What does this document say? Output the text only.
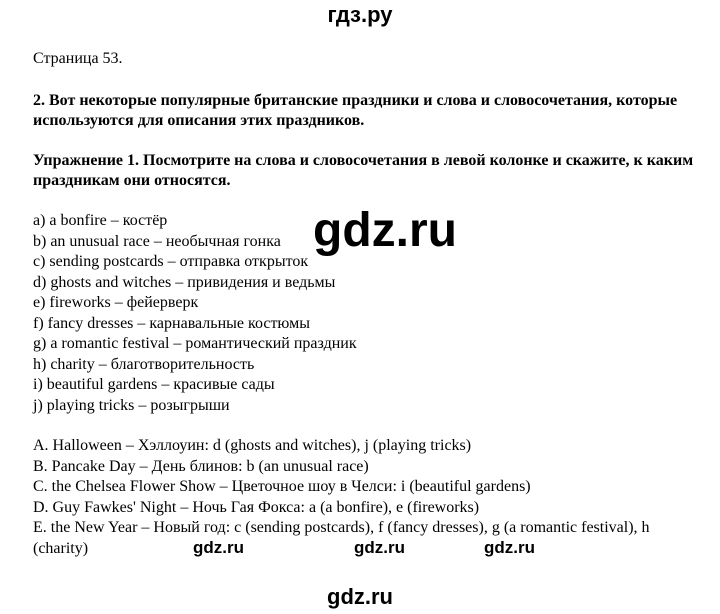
гдз.ру

Страница 53.

2. Вот некоторые популярные британские праздники и слова и словосочетания, которые используются для описания этих праздников.

Упражнение 1. Посмотрите на слова и словосочетания в левой колонке и скажите, к каким праздникам они относятся.

a) a bonfire – костёр
b) an unusual race – необычная гонка
c) sending postcards – отправка открыток
d) ghosts and witches – привидения и ведьмы
e) fireworks – фейерверк
f) fancy dresses – карнавальные костюмы
g) a romantic festival – романтический праздник
h) charity – благотворительность
i) beautiful gardens – красивые сады
j) playing tricks – розыгрыши
A. Halloween – Хэллоуин: d (ghosts and witches), j (playing tricks)
B. Pancake Day – День блинов: b (an unusual race)
C. the Chelsea Flower Show – Цветочное шоу в Челси: i (beautiful gardens)
D. Guy Fawkes' Night – Ночь Гая Фокса: a (a bonfire), e (fireworks)
E. the New Year – Новый год: c (sending postcards), f (fancy dresses), g (a romantic festival), h (charity)
gdz.ru
gdz.ru	gdz.ru	gdz.ru
gdz.ru
